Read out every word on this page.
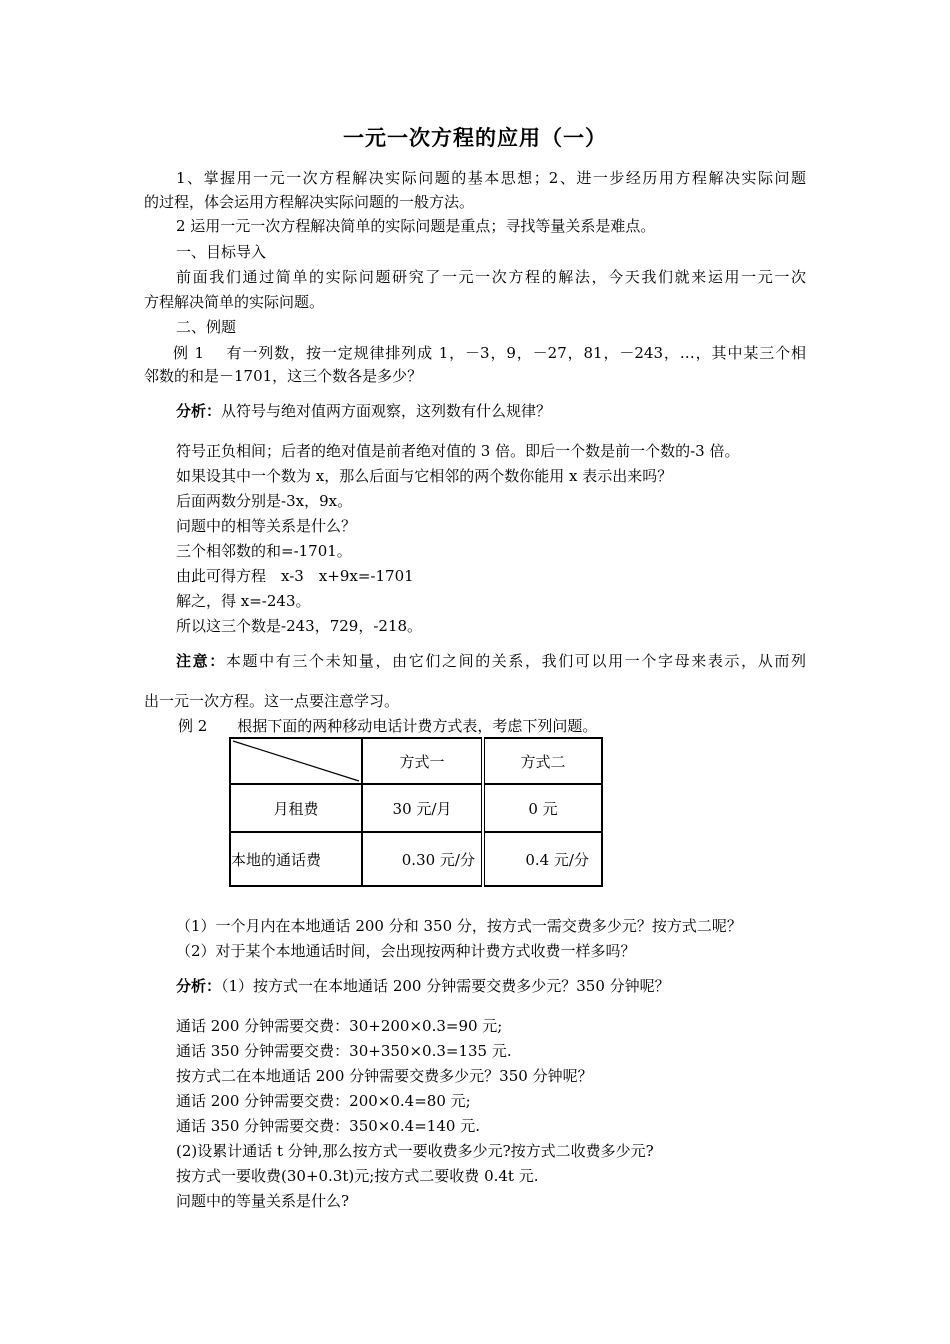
一元一次方程的应用（一）
1、掌握用一元一次方程解决实际问题的基本思想；2、进一步经历用方程解决实际问题
的过程，体会运用方程解决实际问题的一般方法。
2 运用一元一次方程解决简单的实际问题是重点；寻找等量关系是难点。
一、目标导入
前面我们通过简单的实际问题研究了一元一次方程的解法，今天我们就来运用一元一次
方程解决简单的实际问题。
二、例题
例 1　 有一列数，按一定规律排列成 1，－3，9，－27，81，－243，…，其中某三个相
邻数的和是－1701，这三个数各是多少？
分析：从符号与绝对值两方面观察，这列数有什么规律？
符号正负相间；后者的绝对值是前者绝对值的 3 倍。即后一个数是前一个数的-3 倍。
如果设其中一个数为 x，那么后面与它相邻的两个数你能用 x 表示出来吗？
后面两数分别是-3x，9x。
问题中的相等关系是什么？
三个相邻数的和=-1701。
由此可得方程　x-3　x+9x=-1701
解之，得 x=-243。
所以这三个数是-243，729，-218。
注意：本题中有三个未知量，由它们之间的关系，我们可以用一个字母来表示，从而列
出一元一次方程。这一点要注意学习。
例 2　　根据下面的两种移动电话计费方式表，考虑下列问题。
	方式一	方式二
月租费	30 元/月	0 元
本地的通话费	0.30 元/分	0.4 元/分
（1）一个月内在本地通话 200 分和 350 分，按方式一需交费多少元？按方式二呢？
（2）对于某个本地通话时间，会出现按两种计费方式收费一样多吗？
分析：（1）按方式一在本地通话 200 分钟需要交费多少元？350 分钟呢？
通话 200 分钟需要交费：30+200×0.3=90 元;
通话 350 分钟需要交费：30+350×0.3=135 元.
按方式二在本地通话 200 分钟需要交费多少元？350 分钟呢？
通话 200 分钟需要交费：200×0.4=80 元;
通话 350 分钟需要交费：350×0.4=140 元.
(2)设累计通话 t 分钟,那么按方式一要收费多少元?按方式二收费多少元?
按方式一要收费(30+0.3t)元;按方式二要收费 0.4t 元.
问题中的等量关系是什么?
